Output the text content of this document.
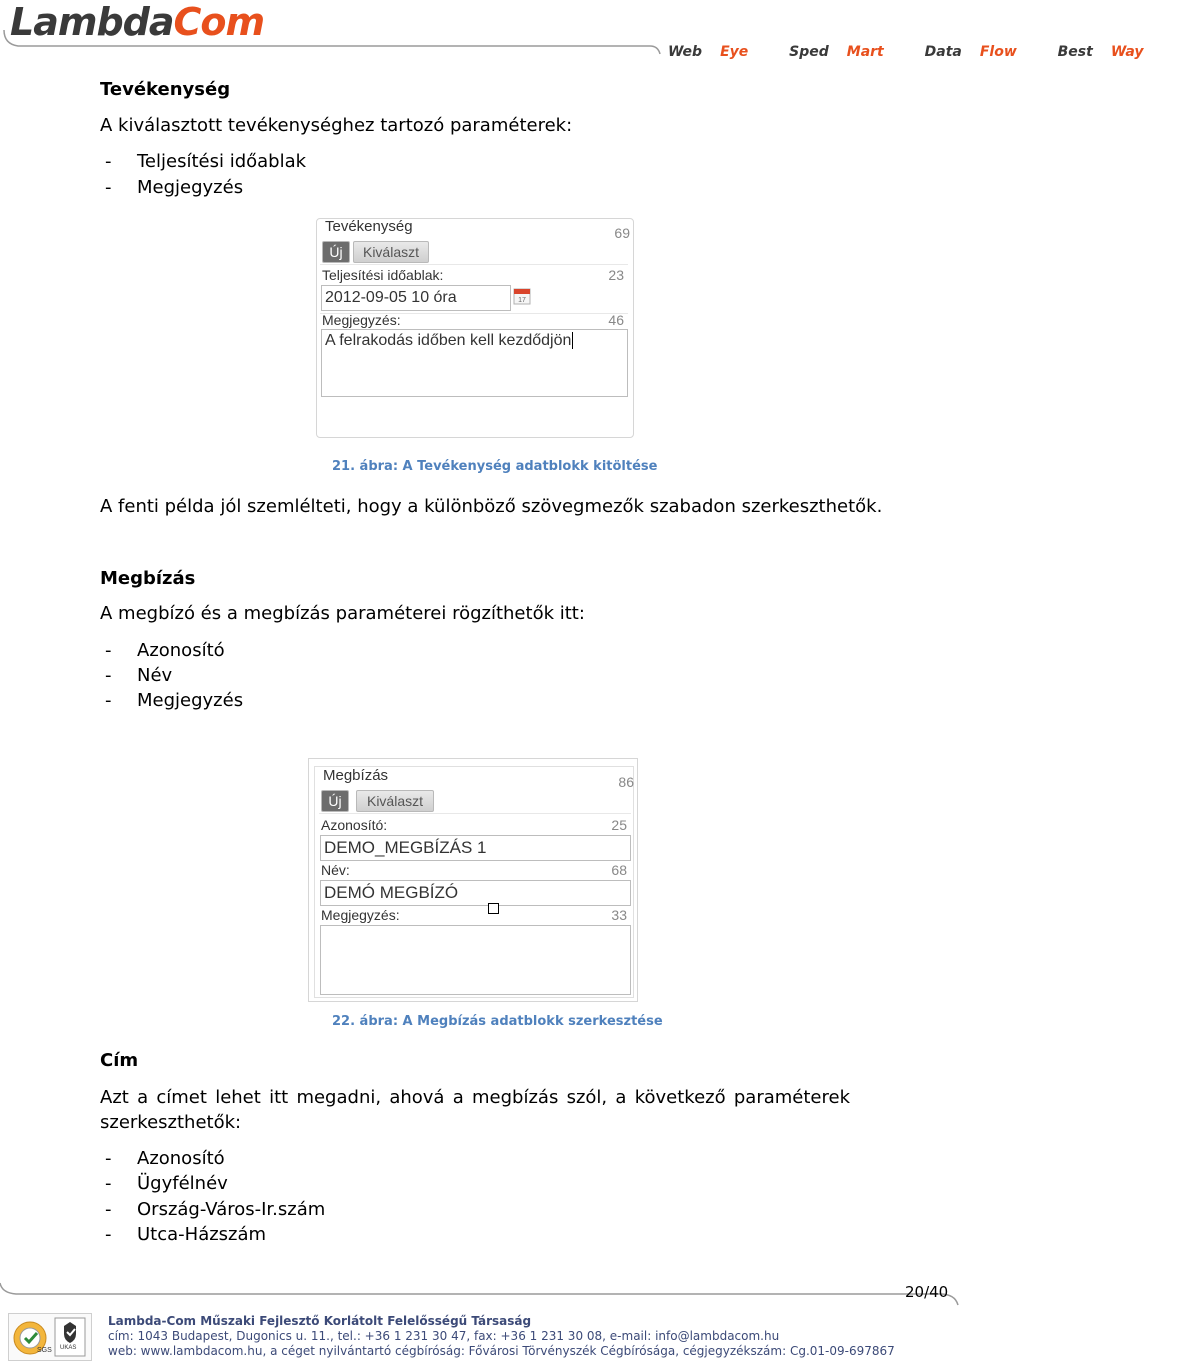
LambdaCom
Web Eye	Sped Mart	Data Flow	Best Way
Tevékenység
A kiválasztott tevékenységhez tartozó paraméterek:
- Teljesítési időablak
- Megjegyzés
Tevékenység	69
Új	Kiválaszt
Teljesítési időablak:	23
2012-09-05 10 óra	17
Megjegyzés:	46
A felrakodás időben kell kezdődjön
21. ábra: A Tevékenység adatblokk kitöltése
A fenti példa jól szemlélteti, hogy a különböző szövegmezők szabadon szerkeszthetők.
Megbízás
A megbízó és a megbízás paraméterei rögzíthetők itt:
- Azonosító
- Név
- Megjegyzés
Megbízás	86
Új	Kiválaszt
Azonosító:	25
DEMO_MEGBÍZÁS 1
Név:	68
DEMÓ MEGBÍZÓ
Megjegyzés:	33
22. ábra: A Megbízás adatblokk szerkesztése
Cím
Azt a címet lehet itt megadni, ahová a megbízás szól, a következő paraméterek
szerkeszthetők:
- Azonosító
- Ügyfélnév
- Ország-Város-Ir.szám
- Utca-Házszám
20/40
SGS UKAS
Lambda-Com Műszaki Fejlesztő Korlátolt Felelősségű Társaság
cím: 1043 Budapest, Dugonics u. 11., tel.: +36 1 231 30 47, fax: +36 1 231 30 08, e-mail: info@lambdacom.hu
web: www.lambdacom.hu, a céget nyilvántartó cégbíróság: Fővárosi Törvényszék Cégbírósága, cégjegyzékszám: Cg.01-09-697867
